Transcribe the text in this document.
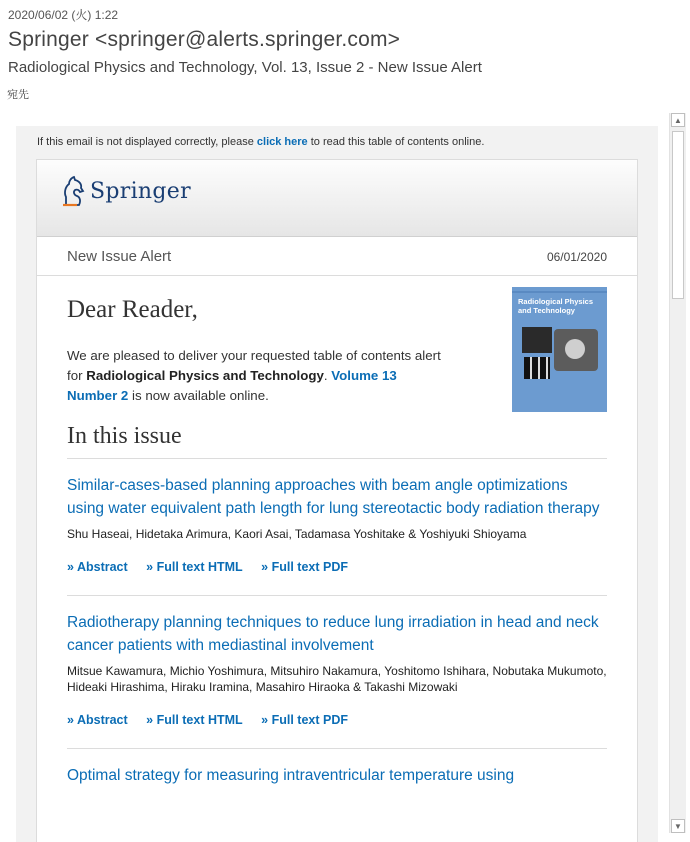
2020/06/02 (火) 1:22
Springer <springer@alerts.springer.com>
Radiological Physics and Technology, Vol. 13, Issue 2 - New Issue Alert
宛先
If this email is not displayed correctly, please click here to read this table of contents online.
Springer
New Issue Alert	06/01/2020
Dear Reader,
We are pleased to deliver your requested table of contents alert for Radiological Physics and Technology. Volume 13 Number 2 is now available online.
Radiological Physics and Technology
In this issue
Similar-cases-based planning approaches with beam angle optimizations using water equivalent path length for lung stereotactic body radiation therapy
Shu Haseai, Hidetaka Arimura, Kaori Asai, Tadamasa Yoshitake & Yoshiyuki Shioyama
» Abstract » Full text HTML » Full text PDF
Radiotherapy planning techniques to reduce lung irradiation in head and neck cancer patients with mediastinal involvement
Mitsue Kawamura, Michio Yoshimura, Mitsuhiro Nakamura, Yoshitomo Ishihara, Nobutaka Mukumoto, Hideaki Hirashima, Hiraku Iramina, Masahiro Hiraoka & Takashi Mizowaki
» Abstract » Full text HTML » Full text PDF
Optimal strategy for measuring intraventricular temperature using
▲
▼
